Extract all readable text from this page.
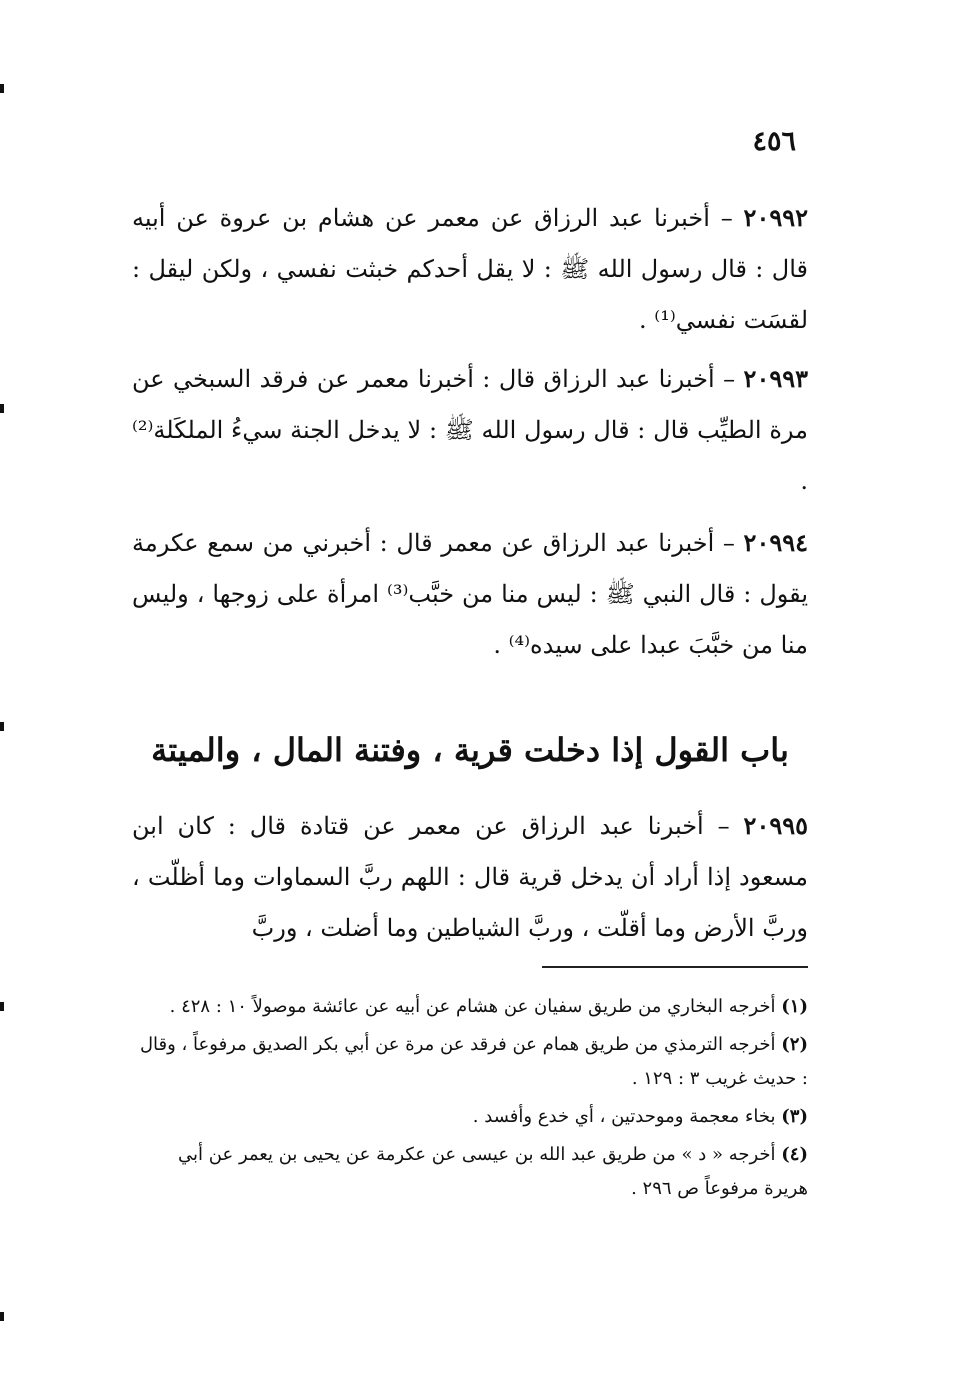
٤٥٦
٢٠٩٩٢ – أخبرنا عبد الرزاق عن معمر عن هشام بن عروة عن أبيه قال : قال رسول الله ﷺ : لا يقل أحدكم خبثت نفسي ، ولكن ليقل : لقسَت نفسي⁽¹⁾ .
٢٠٩٩٣ – أخبرنا عبد الرزاق قال : أخبرنا معمر عن فرقد السبخي عن مرة الطيِّب قال : قال رسول الله ﷺ : لا يدخل الجنة سيءُ الملكَلة⁽²⁾ .
٢٠٩٩٤ – أخبرنا عبد الرزاق عن معمر قال : أخبرني من سمع عكرمة يقول : قال النبي ﷺ : ليس منا من خبَّب⁽³⁾ امرأة على زوجها ، وليس منا من خبَّبَ عبدا على سيده⁽⁴⁾ .
باب القول إذا دخلت قرية ، وفتنة المال ، والميتة
٢٠٩٩٥ – أخبرنا عبد الرزاق عن معمر عن قتادة قال : كان ابن مسعود إذا أراد أن يدخل قرية قال : اللهم ربَّ السماوات وما أظلّت ، وربَّ الأرض وما أقلّت ، وربَّ الشياطين وما أضلت ، وربَّ
(١) أخرجه البخاري من طريق سفيان عن هشام عن أبيه عن عائشة موصولاً ١٠ : ٤٢٨ .
(٢) أخرجه الترمذي من طريق همام عن فرقد عن مرة عن أبي بكر الصديق مرفوعاً ، وقال : حديث غريب ٣ : ١٢٩ .
(٣) بخاء معجمة وموحدتين ، أي خدع وأفسد .
(٤) أخرجه « د » من طريق عبد الله بن عيسى عن عكرمة عن يحيى بن يعمر عن أبي هريرة مرفوعاً ص ٢٩٦ .
